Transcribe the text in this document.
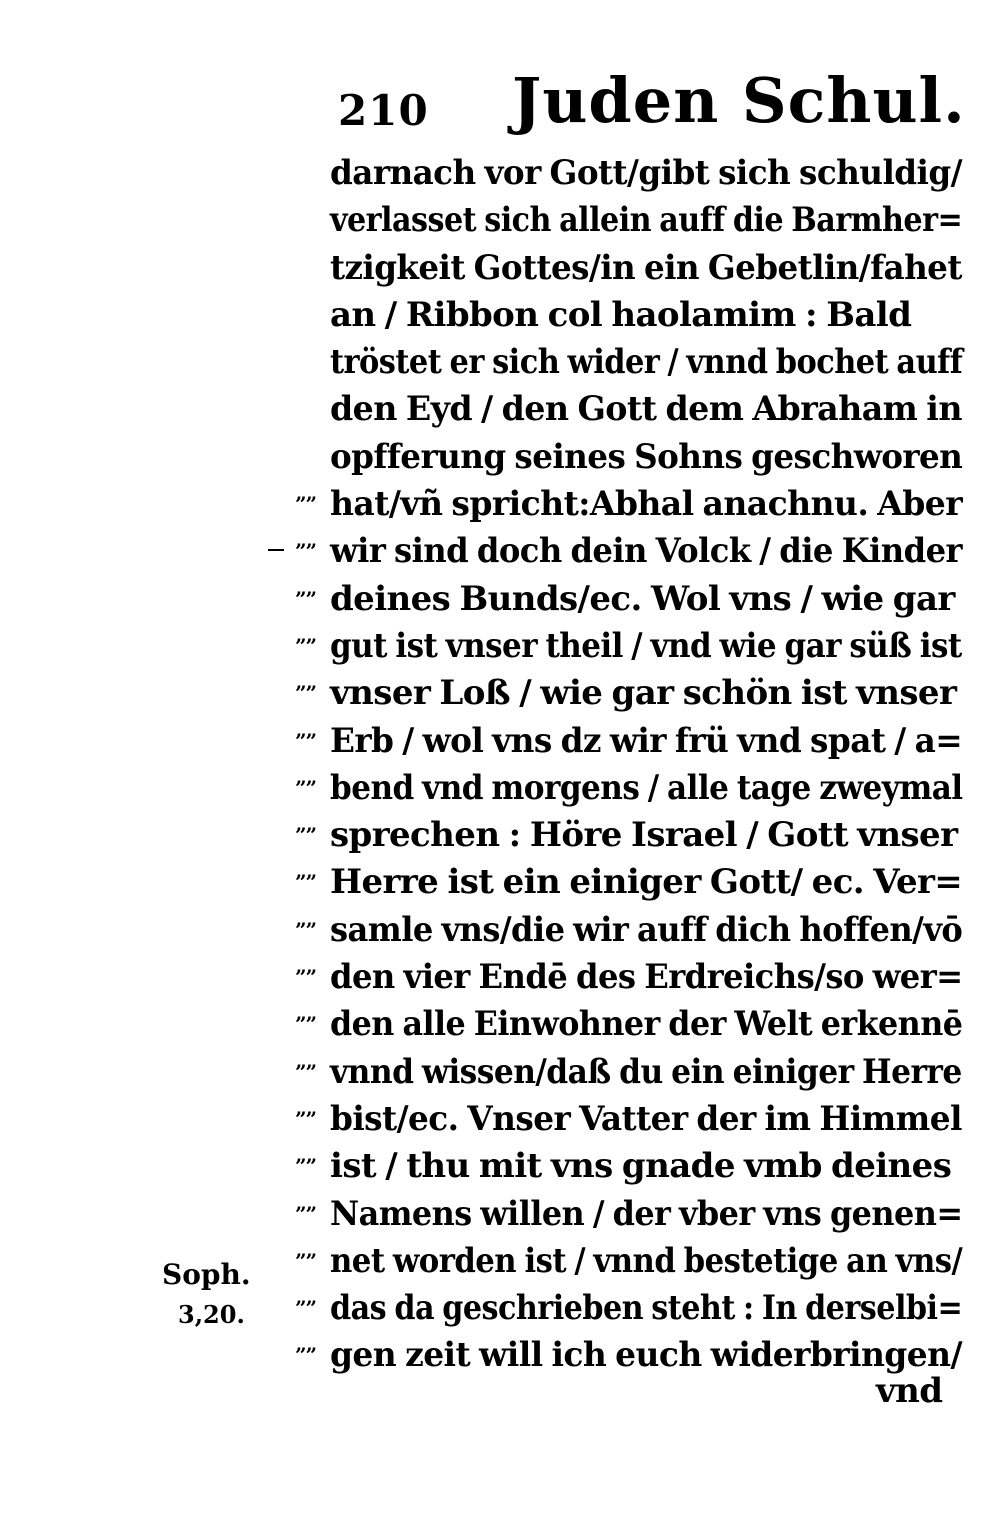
210 Juden Schul.
darnach vor Gott/gibt sich schuldig/
verlasset sich allein auff die Barmher=
tzigkeit Gottes/in ein Gebetlin/fahet
an / Ribbon col haolamim : Bald
tröstet er sich wider / vnnd bochet auff
den Eyd / den Gott dem Abraham in
opfferung seines Sohns geschworen
”” hat/vñ spricht:Abhal anachnu. Aber
”” wir sind doch dein Volck / die Kinder
”” deines Bunds/ec. Wol vns / wie gar
”” gut ist vnser theil / vnd wie gar süß ist
”” vnser Loß / wie gar schön ist vnser
”” Erb / wol vns dz wir frü vnd spat / a=
”” bend vnd morgens / alle tage zweymal
”” sprechen : Höre Israel / Gott vnser
”” Herre ist ein einiger Gott/ ec. Ver=
”” samle vns/die wir auff dich hoffen/vō
”” den vier Endē des Erdreichs/so wer=
”” den alle Einwohner der Welt erkennē
”” vnnd wissen/daß du ein einiger Herre
”” bist/ec. Vnser Vatter der im Himmel
”” ist / thu mit vns gnade vmb deines
”” Namens willen / der vber vns genen=
”” net worden ist / vnnd bestetige an vns/
”” das da geschrieben steht : In derselbi=
”” gen zeit will ich euch widerbringen/
Soph.
3,20.
vnd
